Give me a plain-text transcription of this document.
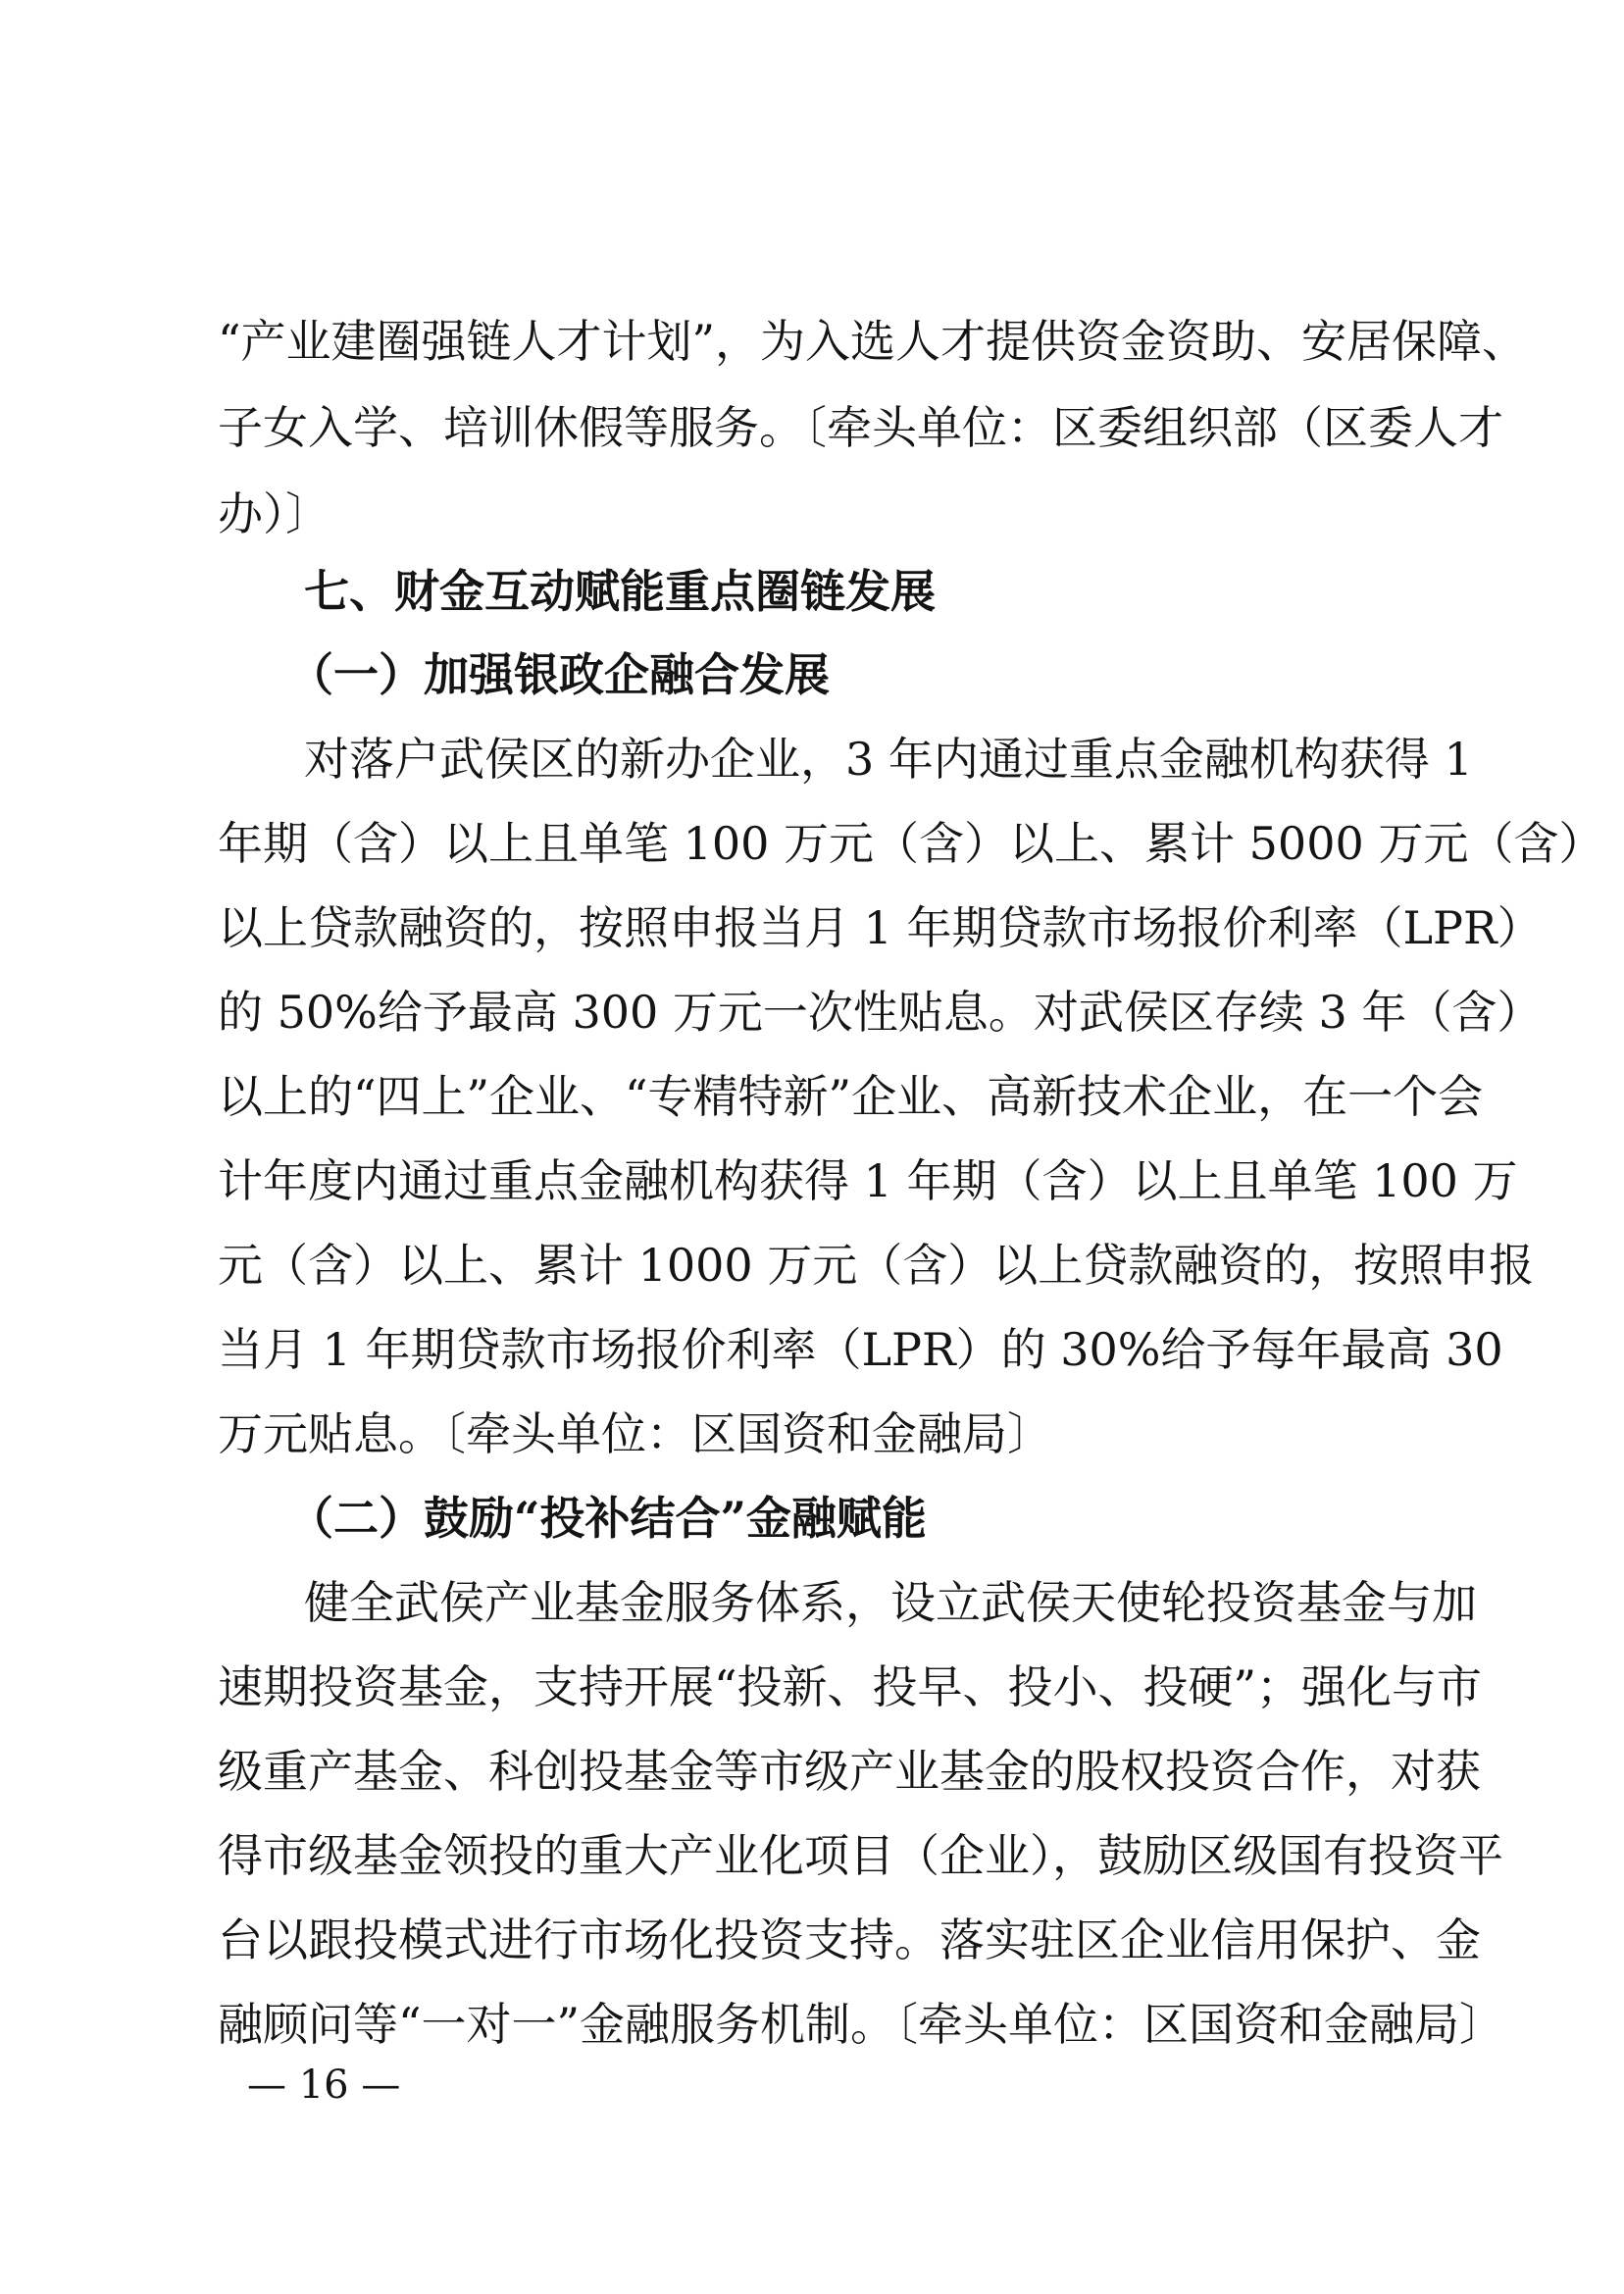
“产业建圈强链人才计划”，为入选人才提供资金资助、安居保障、
子女入学、培训休假等服务。〔牵头单位：区委组织部（区委人才
办）〕
七、财金互动赋能重点圈链发展
（一）加强银政企融合发展
对落户武侯区的新办企业，3 年内通过重点金融机构获得 1
年期（含）以上且单笔 100 万元（含）以上、累计 5000 万元（含）
以上贷款融资的，按照申报当月 1 年期贷款市场报价利率（LPR）
的 50%给予最高 300 万元一次性贴息。对武侯区存续 3 年（含）
以上的“四上”企业、“专精特新”企业、高新技术企业，在一个会
计年度内通过重点金融机构获得 1 年期（含）以上且单笔 100 万
元（含）以上、累计 1000 万元（含）以上贷款融资的，按照申报
当月 1 年期贷款市场报价利率（LPR）的 30%给予每年最高 30
万元贴息。〔牵头单位：区国资和金融局〕
（二）鼓励“投补结合”金融赋能
健全武侯产业基金服务体系，设立武侯天使轮投资基金与加
速期投资基金，支持开展“投新、投早、投小、投硬”；强化与市
级重产基金、科创投基金等市级产业基金的股权投资合作，对获
得市级基金领投的重大产业化项目（企业），鼓励区级国有投资平
台以跟投模式进行市场化投资支持。落实驻区企业信用保护、金
融顾问等“一对一”金融服务机制。〔牵头单位：区国资和金融局〕
— 16 —
